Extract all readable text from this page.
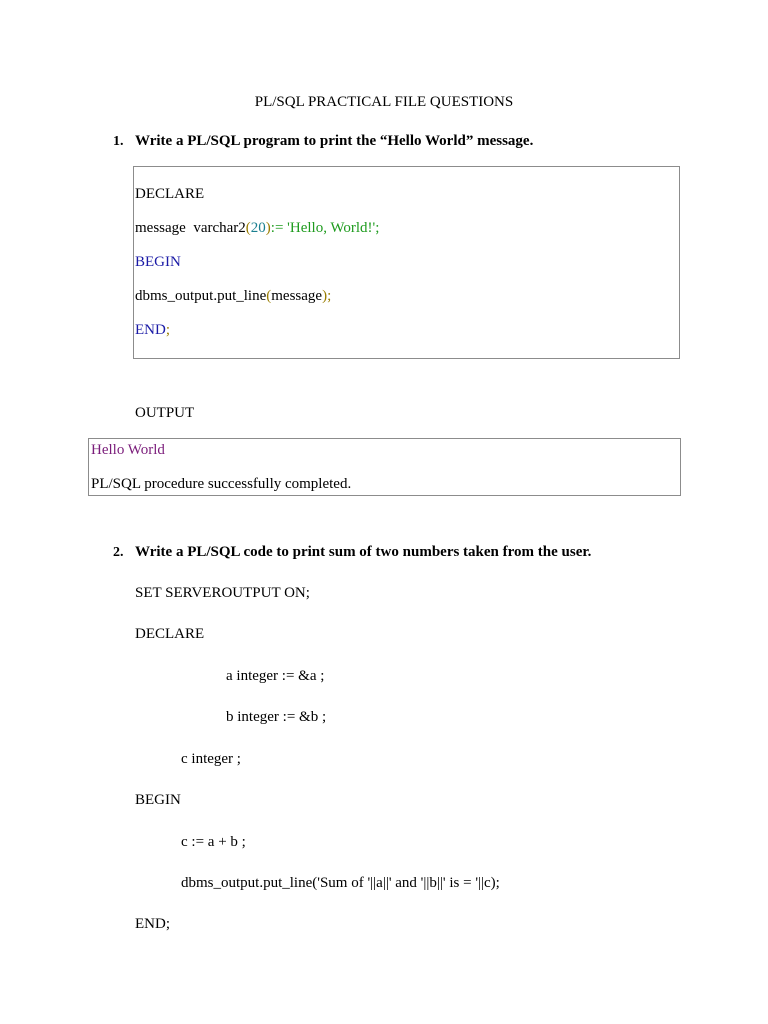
PL/SQL PRACTICAL FILE QUESTIONS
1. Write a PL/SQL program to print the “Hello World” message.
DECLARE
message  varchar2(20):= 'Hello, World!';
BEGIN
dbms_output.put_line(message);
END;
OUTPUT
Hello World
PL/SQL procedure successfully completed.
2. Write a PL/SQL code to print sum of two numbers taken from the user.
SET SERVEROUTPUT ON;
DECLARE
a integer := &a ;
b integer := &b ;
c integer ;
BEGIN
c := a + b ;
dbms_output.put_line('Sum of '||a||' and '||b||' is = '||c);
END;
